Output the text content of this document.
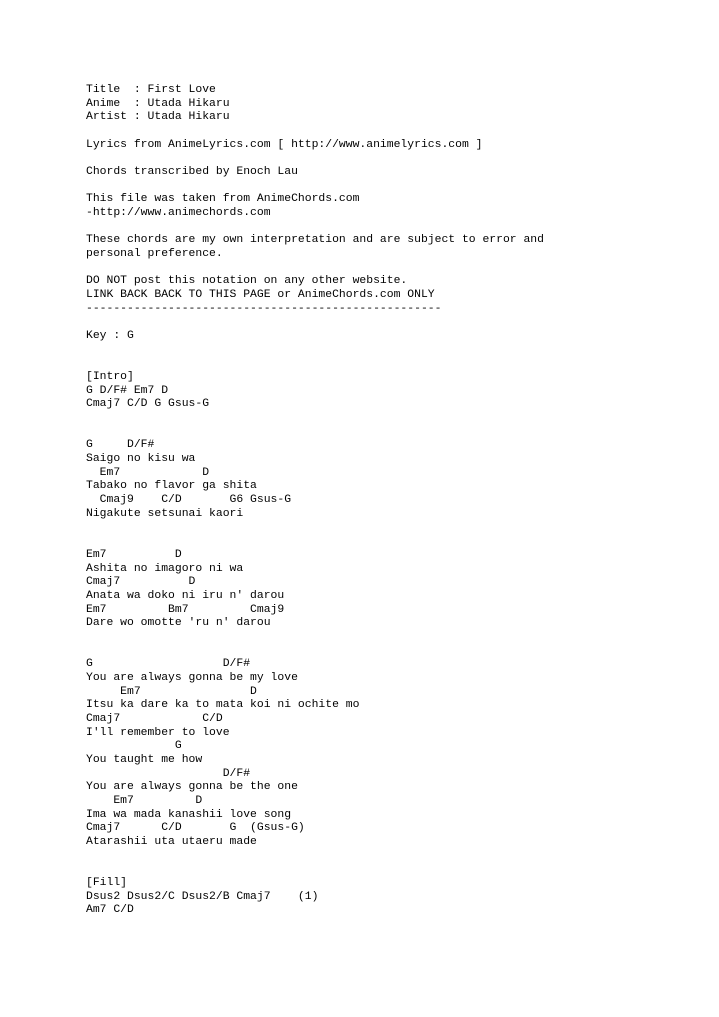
Title  : First Love
Anime  : Utada Hikaru
Artist : Utada Hikaru
Lyrics from AnimeLyrics.com [ http://www.animelyrics.com ]
Chords transcribed by Enoch Lau
This file was taken from AnimeChords.com
-http://www.animechords.com
These chords are my own interpretation and are subject to error and
personal preference.
DO NOT post this notation on any other website.
LINK BACK BACK TO THIS PAGE or AnimeChords.com ONLY
----------------------------------------------------
Key : G
[Intro]
G D/F# Em7 D
Cmaj7 C/D G Gsus-G
G     D/F#
Saigo no kisu wa
Em7            D
Tabako no flavor ga shita
Cmaj9    C/D       G6 Gsus-G
Nigakute setsunai kaori
Em7          D
Ashita no imagoro ni wa
Cmaj7          D
Anata wa doko ni iru n' darou
Em7         Bm7         Cmaj9
Dare wo omotte 'ru n' darou
G                   D/F#
You are always gonna be my love
Em7                D
Itsu ka dare ka to mata koi ni ochite mo
Cmaj7            C/D
I'll remember to love
G
You taught me how
D/F#
You are always gonna be the one
Em7         D
Ima wa mada kanashii love song
Cmaj7      C/D       G  (Gsus-G)
Atarashii uta utaeru made
[Fill]
Dsus2 Dsus2/C Dsus2/B Cmaj7    (1)
Am7 C/D
